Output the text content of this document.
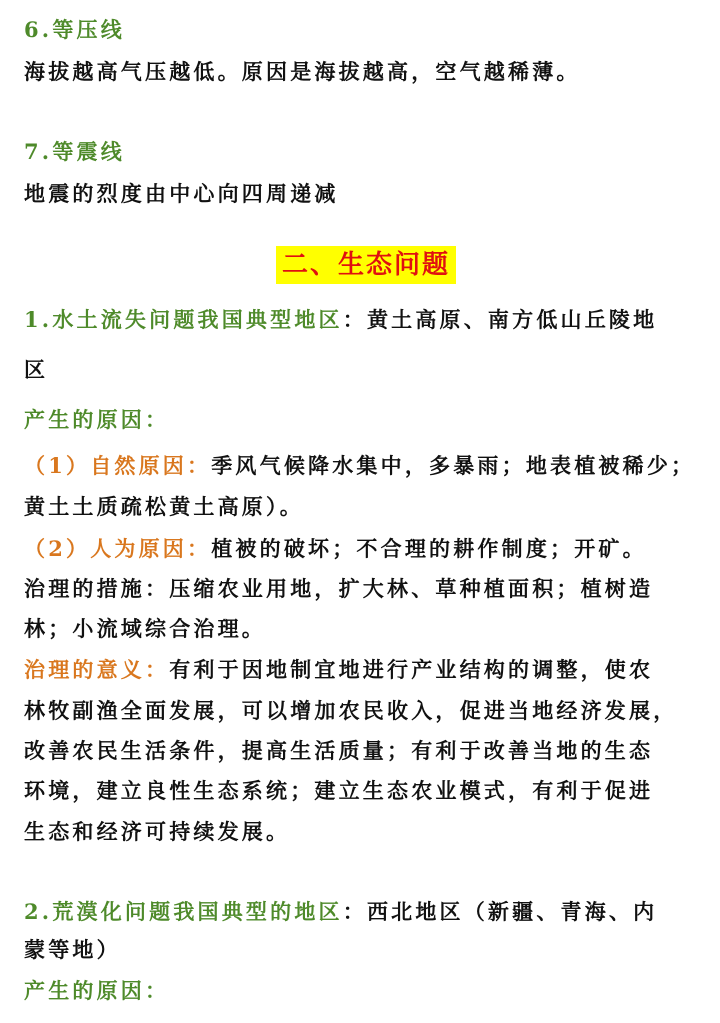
6.等压线
海拔越高气压越低。原因是海拔越高，空气越稀薄。
7.等震线
地震的烈度由中心向四周递减
二、生态问题
1.水土流失问题我国典型地区：黄土高原、南方低山丘陵地
区
产生的原因：
（1）自然原因：季风气候降水集中，多暴雨；地表植被稀少；
黄土土质疏松黄土高原）。
（2）人为原因：植被的破坏；不合理的耕作制度；开矿。
治理的措施：压缩农业用地，扩大林、草种植面积；植树造
林；小流域综合治理。
治理的意义：有利于因地制宜地进行产业结构的调整，使农
林牧副渔全面发展，可以增加农民收入，促进当地经济发展，
改善农民生活条件，提高生活质量；有利于改善当地的生态
环境，建立良性生态系统；建立生态农业模式，有利于促进
生态和经济可持续发展。
2.荒漠化问题我国典型的地区：西北地区（新疆、青海、内
蒙等地）
产生的原因：
